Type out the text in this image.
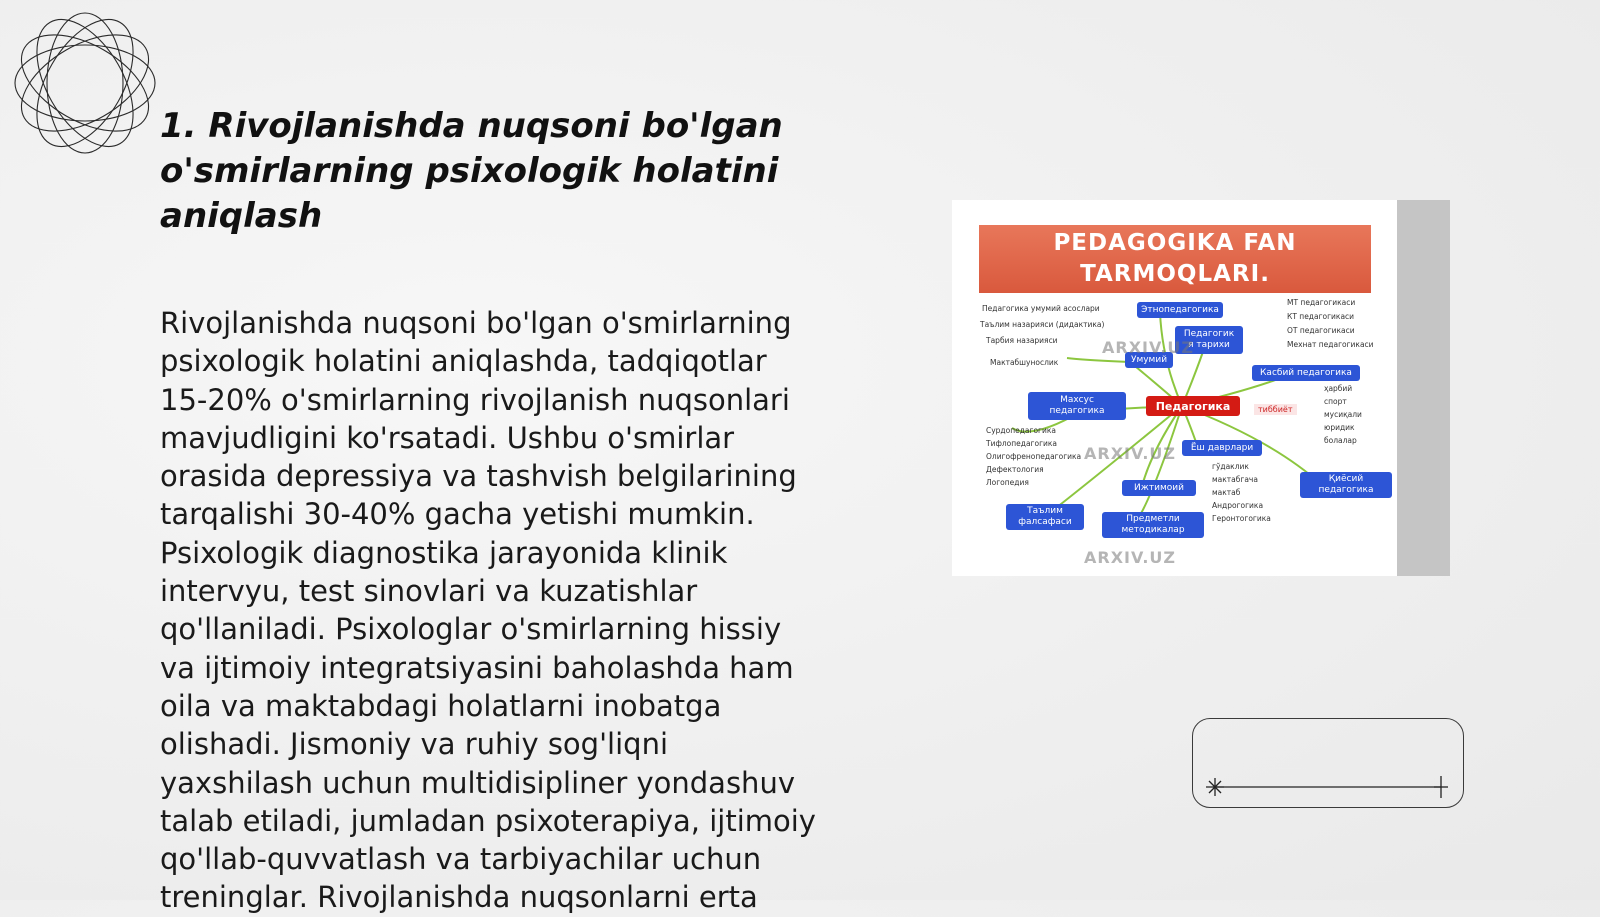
1. Rivojlanishda nuqsoni bo'lgan o'smirlarning psixologik holatini aniqlash

Rivojlanishda nuqsoni bo'lgan o'smirlarning
psixologik holatini aniqlashda, tadqiqotlar
15-20% o'smirlarning rivojlanish nuqsonlari
mavjudligini ko'rsatadi. Ushbu o'smirlar
orasida depressiya va tashvish belgilarining
tarqalishi 30-40% gacha yetishi mumkin.
Psixologik diagnostika jarayonida klinik
intervyu, test sinovlari va kuzatishlar
qo'llaniladi. Psixologlar o'smirlarning hissiy
va ijtimoiy integratsiyasini baholashda ham
oila va maktabdagi holatlarni inobatga
olishadi. Jismoniy va ruhiy sog'liqni
yaxshilash uchun multidisipliner yondashuv
talab etiladi, jumladan psixoterapiya, ijtimoiy
qo'llab-quvvatlash va tarbiyachilar uchun
treninglar. Rivojlanishda nuqsonlarni erta

PEDAGOGIKA FAN
TARMOQLARI.
Этнопедагогика
Педагогик
я тарихи
Умумий
Касбий педагогика
Махсус
педагогика	Педагогика
Ёш даврлари
Ижтимоий
Қиёсий
педагогика
Таълим
фалсафаси	Предметли
методикалар
Педагогика умумий асослари
Таълим назарияси (дидактика)
Тарбия назарияси
Мактабшунослик
МТ педагогикаси
КТ педагогикаси
ОТ педагогикаси
Мехнат педагогикаси
Сурдопедагогика
Тифлопедагогика
Олигофренопедагогика
Дефектология
Логопедия
гўдаклик
мактабгача
мактаб
Андрогогика
Геронтогогика
ҳарбий
спорт
мусиқали
юридик
болалар
тиббиёт
ARXIV.UZ
ARXIV.UZ
ARXIV.UZ
